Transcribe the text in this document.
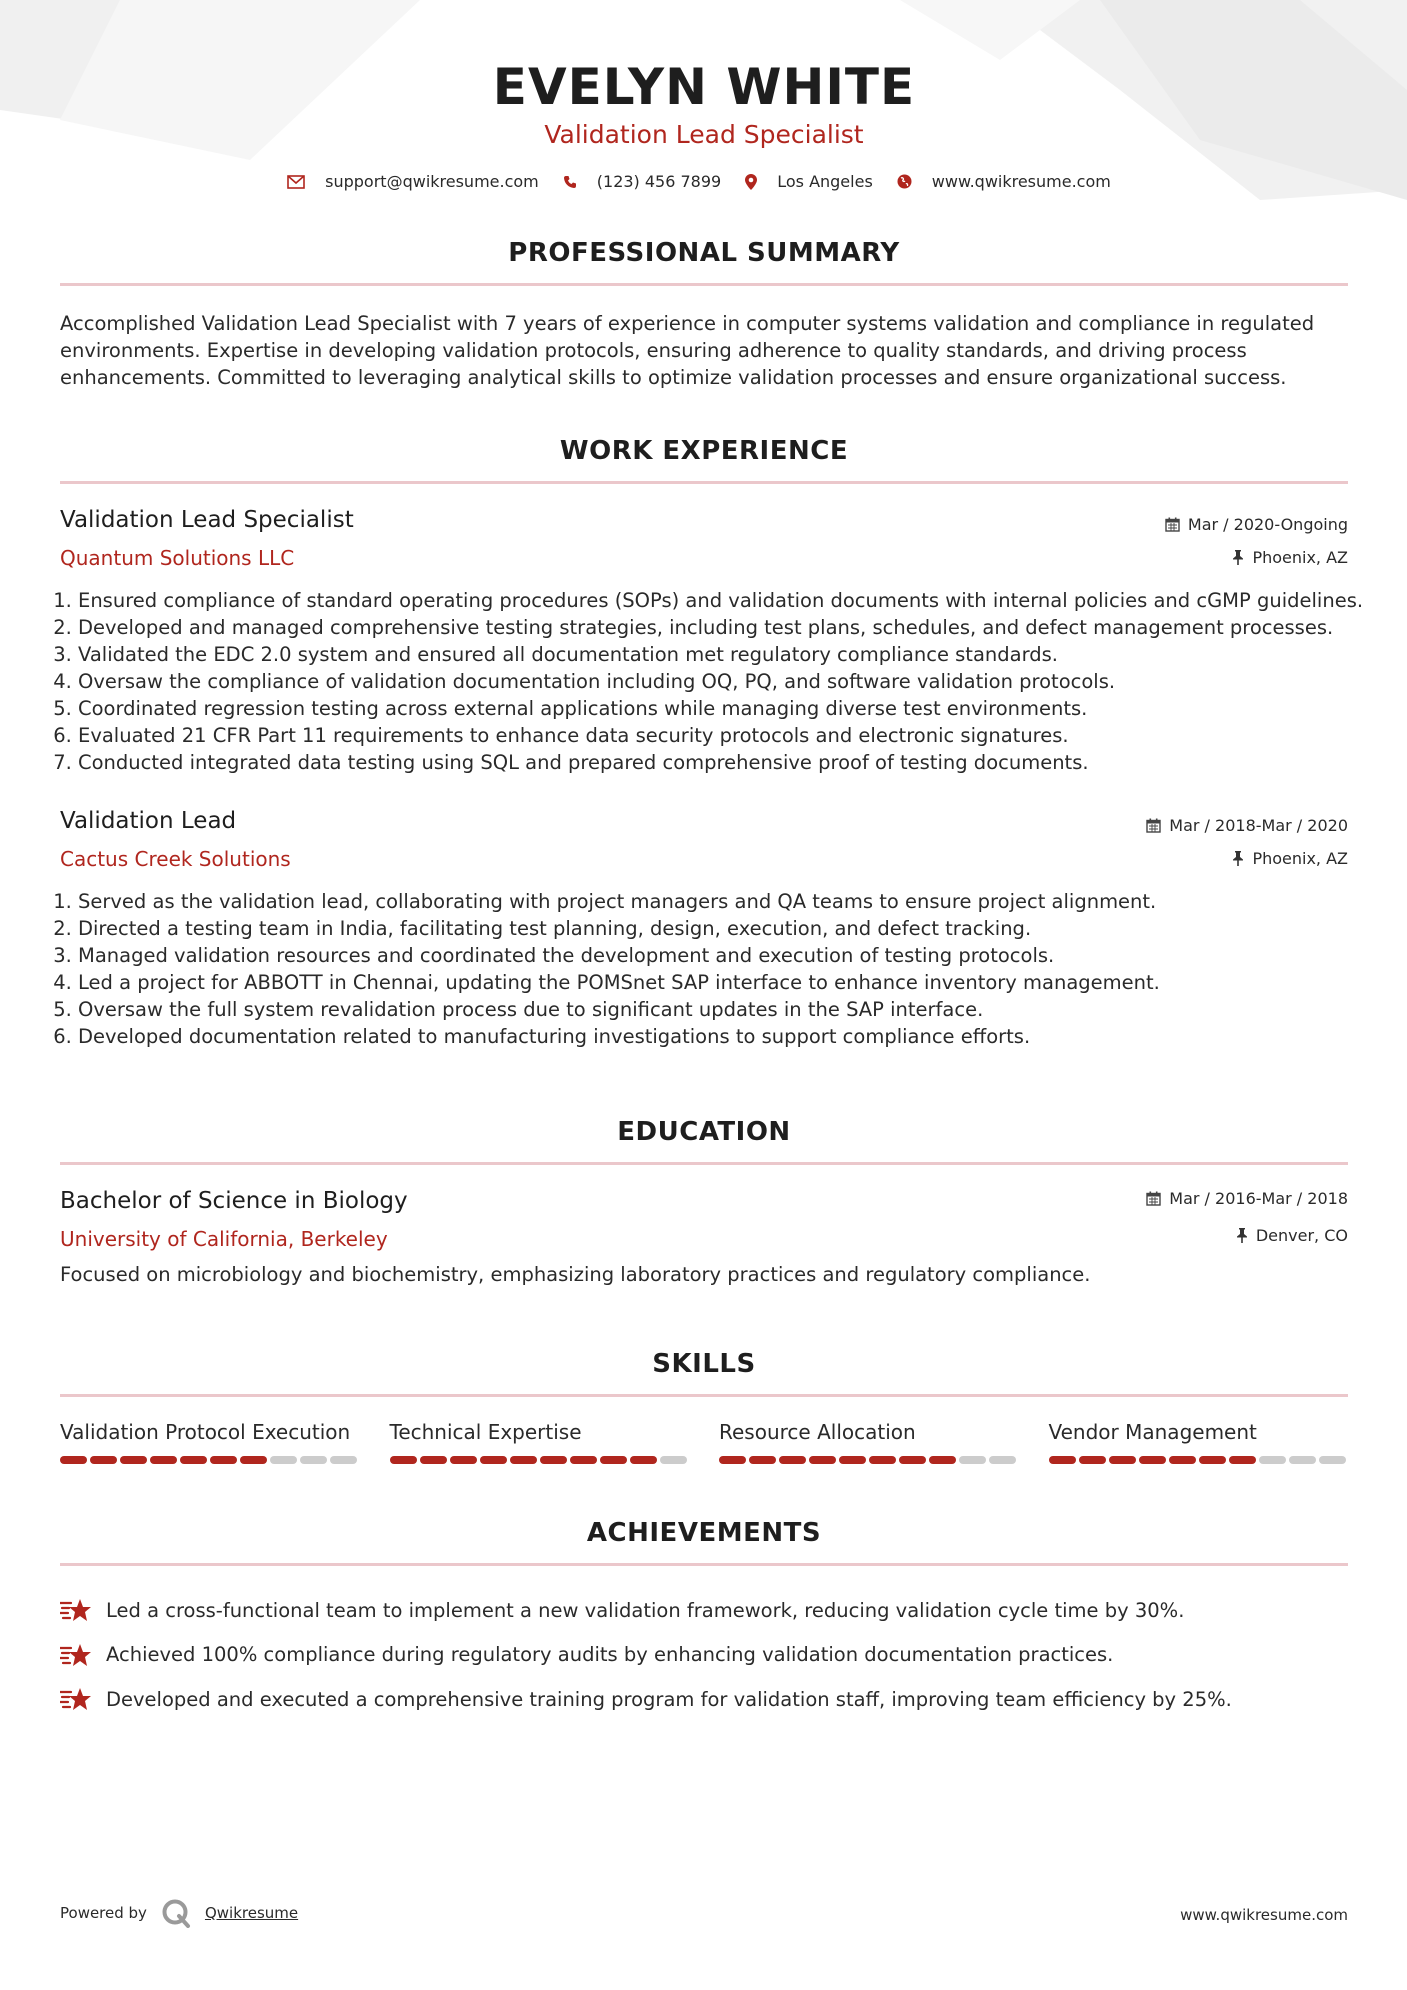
EVELYN WHITE
Validation Lead Specialist
support@qwikresume.com	(123) 456 7899	Los Angeles	www.qwikresume.com
PROFESSIONAL SUMMARY

Accomplished Validation Lead Specialist with 7 years of experience in computer systems validation and compliance in regulated environments. Expertise in developing validation protocols, ensuring adherence to quality standards, and driving process enhancements. Committed to leveraging analytical skills to optimize validation processes and ensure organizational success.

WORK EXPERIENCE
Validation Lead Specialist
Quantum Solutions LLC
Mar / 2020-Ongoing
Phoenix, AZ
1. Ensured compliance of standard operating procedures (SOPs) and validation documents with internal policies and cGMP guidelines.
2. Developed and managed comprehensive testing strategies, including test plans, schedules, and defect management processes.
3. Validated the EDC 2.0 system and ensured all documentation met regulatory compliance standards.
4. Oversaw the compliance of validation documentation including OQ, PQ, and software validation protocols.
5. Coordinated regression testing across external applications while managing diverse test environments.
6. Evaluated 21 CFR Part 11 requirements to enhance data security protocols and electronic signatures.
7. Conducted integrated data testing using SQL and prepared comprehensive proof of testing documents.
Validation Lead
Cactus Creek Solutions
Mar / 2018-Mar / 2020
Phoenix, AZ
1. Served as the validation lead, collaborating with project managers and QA teams to ensure project alignment.
2. Directed a testing team in India, facilitating test planning, design, execution, and defect tracking.
3. Managed validation resources and coordinated the development and execution of testing protocols.
4. Led a project for ABBOTT in Chennai, updating the POMSnet SAP interface to enhance inventory management.
5. Oversaw the full system revalidation process due to significant updates in the SAP interface.
6. Developed documentation related to manufacturing investigations to support compliance efforts.
EDUCATION
Bachelor of Science in Biology
University of California, Berkeley
Mar / 2016-Mar / 2018
Denver, CO
Focused on microbiology and biochemistry, emphasizing laboratory practices and regulatory compliance.
SKILLS
Validation Protocol Execution	Technical Expertise	Resource Allocation	Vendor Management
ACHIEVEMENTS
Led a cross-functional team to implement a new validation framework, reducing validation cycle time by 30%.
Achieved 100% compliance during regulatory audits by enhancing validation documentation practices.
Developed and executed a comprehensive training program for validation staff, improving team efficiency by 25%.
Powered by	Qwikresume	www.qwikresume.com
